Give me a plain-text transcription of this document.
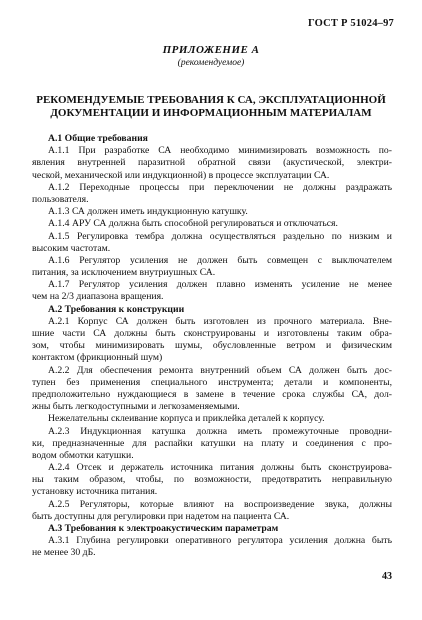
ГОСТ Р 51024–97
ПРИЛОЖЕНИЕ А
(рекомендуемое)
РЕКОМЕНДУЕМЫЕ ТРЕБОВАНИЯ К СА, ЭКСПЛУАТАЦИОННОЙ
ДОКУМЕНТАЦИИ И ИНФОРМАЦИОННЫМ МАТЕРИАЛАМ
А.1 Общие требования
А.1.1 При разработке СА необходимо минимизировать возможность по-
явления внутренней паразитной обратной связи (акустической, электри-
ческой, механической или индукционной) в процессе эксплуатации СА.
А.1.2 Переходные процессы при переключении не должны раздражать
пользователя.
А.1.3 СА должен иметь индукционную катушку.
А.1.4 АРУ СА должна быть способной регулироваться и отключаться.
А.1.5 Регулировка тембра должна осуществляться раздельно по низким и
высоким частотам.
А.1.6 Регулятор усиления не должен быть совмещен с выключателем
питания, за исключением внутриушных СА.
А.1.7 Регулятор усиления должен плавно изменять усиление не менее
чем на 2/3 диапазона вращения.
А.2 Требования к конструкции
А.2.1 Корпус СА должен быть изготовлен из прочного материала. Вне-
шние части СА должны быть сконструированы и изготовлены таким обра-
зом, чтобы минимизировать шумы, обусловленные ветром и физическим
контактом (фрикционный шум)
А.2.2 Для обеспечения ремонта внутренний объем СА должен быть дос-
тупен без применения специального инструмента; детали и компоненты,
предположительно нуждающиеся в замене в течение срока службы СА, дол-
жны быть легкодоступными и легкозаменяемыми.
Нежелательны склеивание корпуса и приклейка деталей к корпусу.
А.2.3 Индукционная катушка должна иметь промежуточные проводни-
ки, предназначенные для распайки катушки на плату и соединения с про-
водом обмотки катушки.
А.2.4 Отсек и держатель источника питания должны быть сконструирова-
ны таким образом, чтобы, по возможности, предотвратить неправильную
установку источника питания.
А.2.5 Регуляторы, которые влияют на воспроизведение звука, должны
быть доступны для регулировки при надетом на пациента СА.
А.3 Требования к электроакустическим параметрам
А.3.1 Глубина регулировки оперативного регулятора усиления должна быть
не менее 30 дБ.
43
